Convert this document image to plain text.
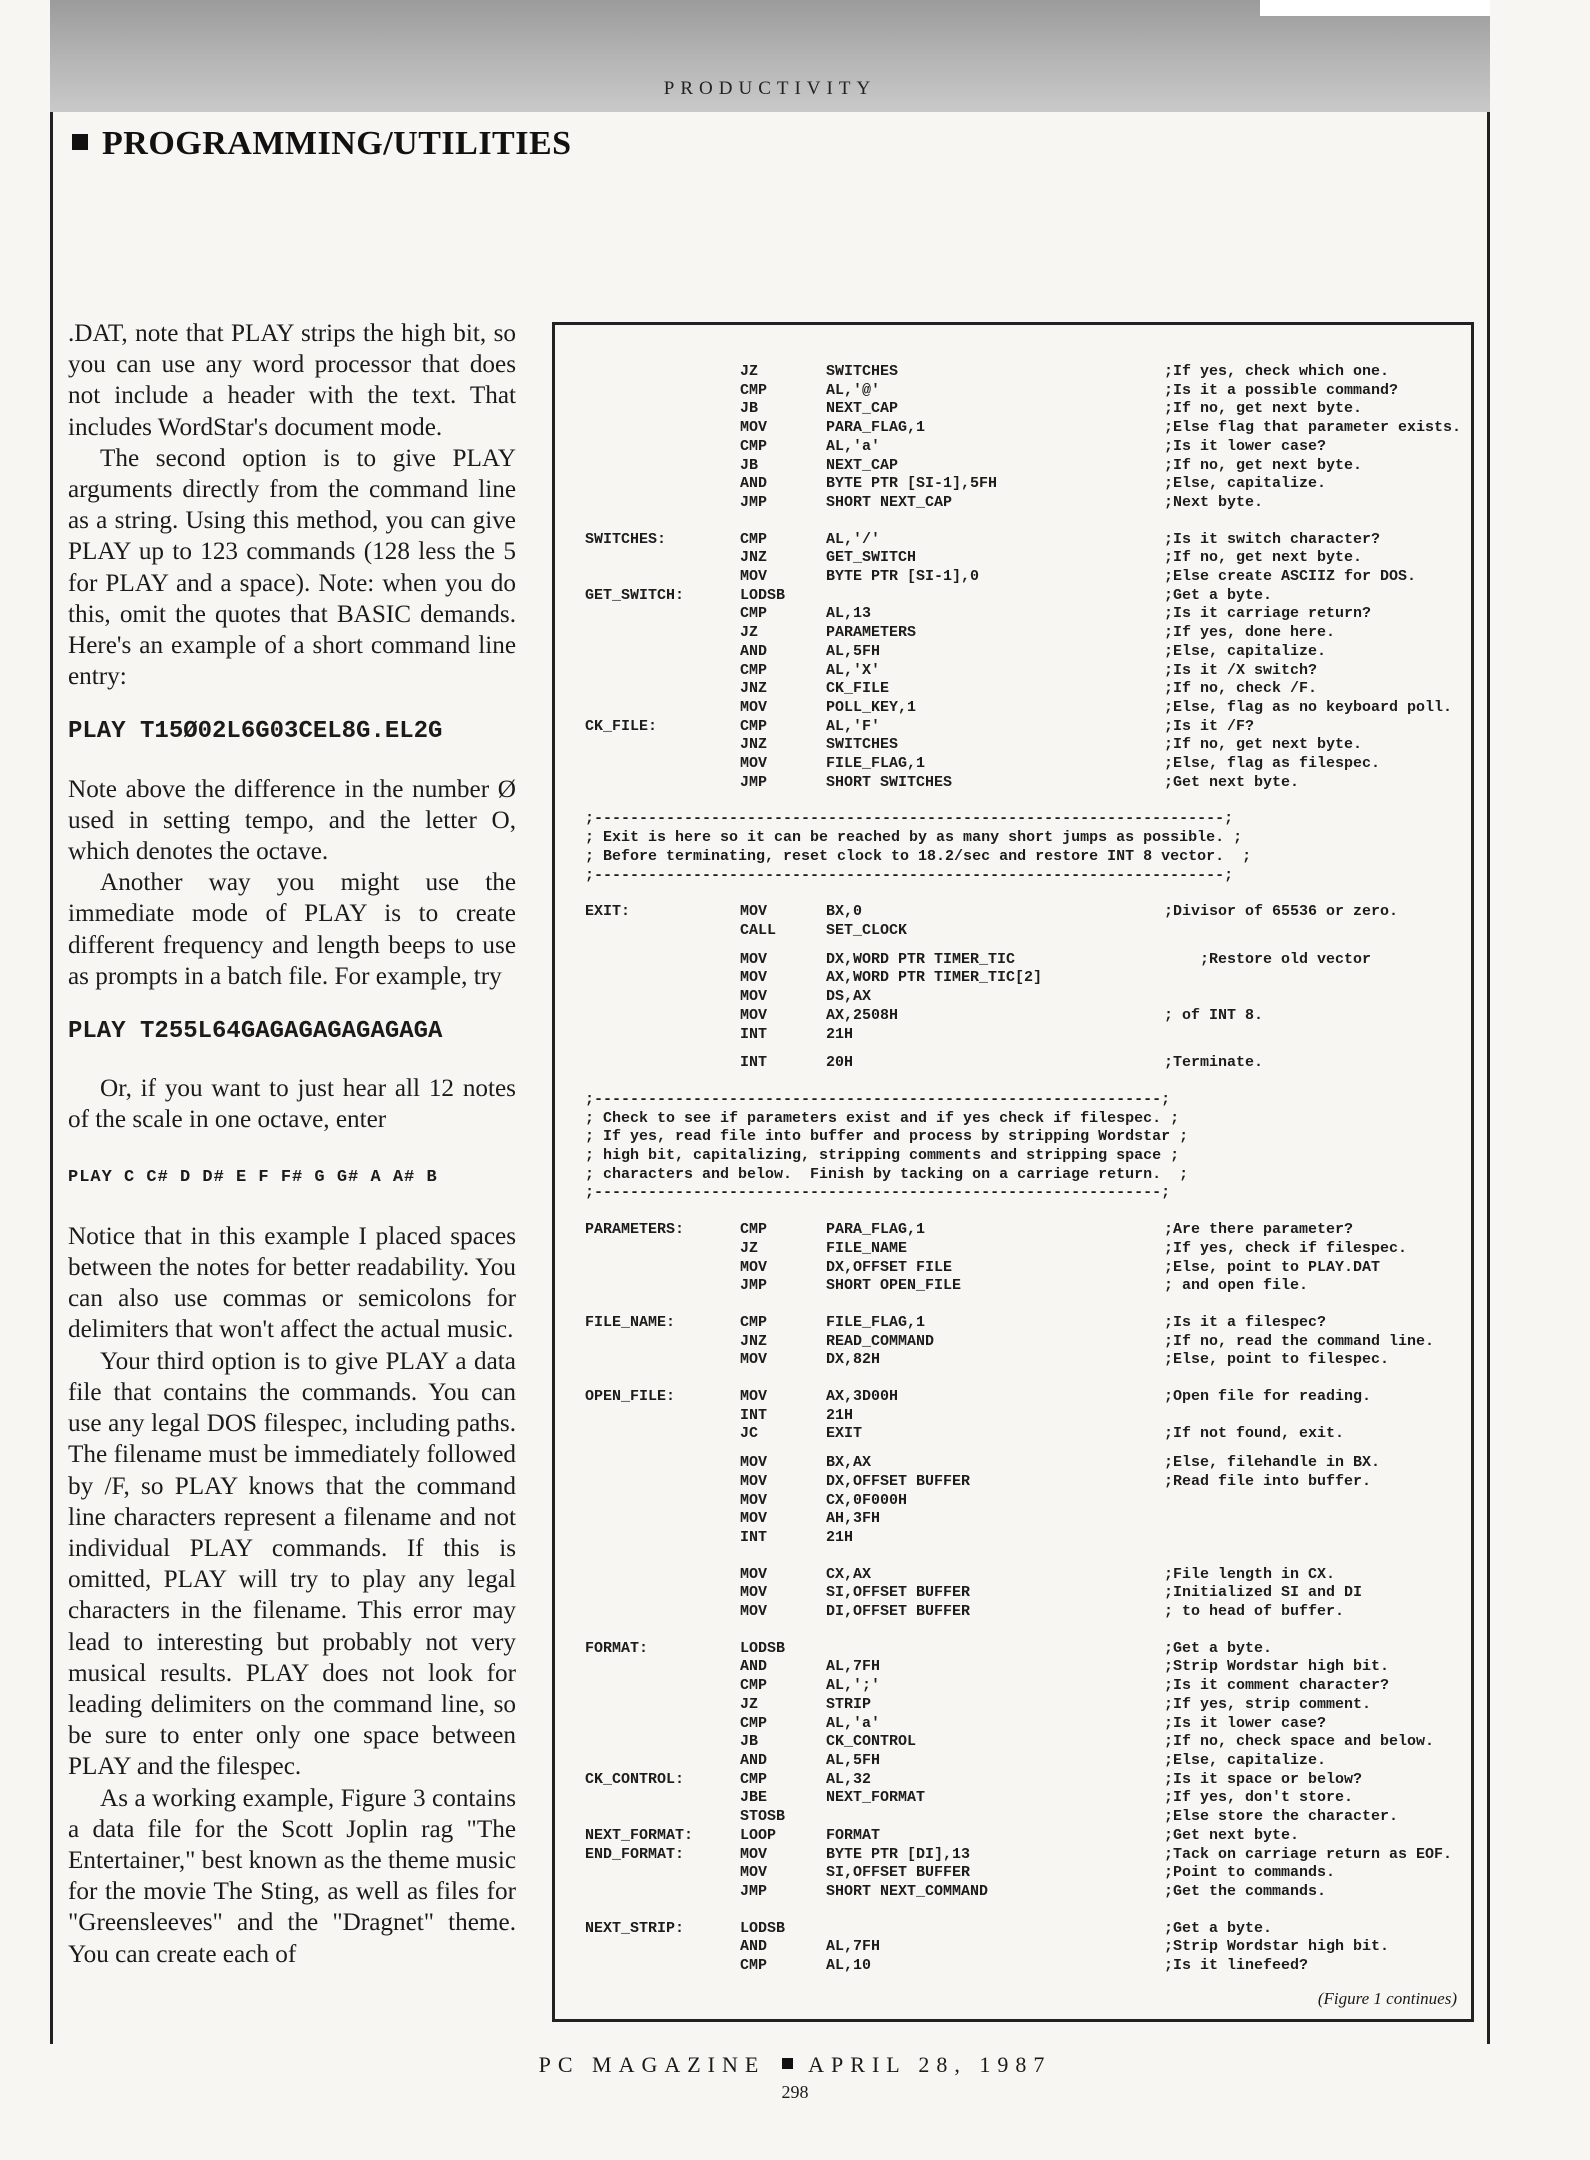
PRODUCTIVITY
PROGRAMMING/UTILITIES

.DAT, note that PLAY strips the high bit, so you can use any word processor that does not include a header with the text. That includes WordStar's document mode.

The second option is to give PLAY arguments directly from the command line as a string. Using this method, you can give PLAY up to 123 commands (128 less the 5 for PLAY and a space). Note: when you do this, omit the quotes that BASIC demands. Here's an example of a short command line entry:

PLAY T15Ø02L6G03CEL8G.EL2G

Note above the difference in the number Ø used in setting tempo, and the letter O, which denotes the octave.

Another way you might use the immediate mode of PLAY is to create different frequency and length beeps to use as prompts in a batch file. For example, try

PLAY T255L64GAGAGAGAGAGAGA

Or, if you want to just hear all 12 notes of the scale in one octave, enter

PLAY C C# D D# E F F# G G# A A# B

Notice that in this example I placed spaces between the notes for better readability. You can also use commas or semicolons for delimiters that won't affect the actual music.

Your third option is to give PLAY a data file that contains the commands. You can use any legal DOS filespec, including paths. The filename must be immediately followed by /F, so PLAY knows that the command line characters represent a filename and not individual PLAY commands. If this is omitted, PLAY will try to play any legal characters in the filename. This error may lead to interesting but probably not very musical results. PLAY does not look for leading delimiters on the command line, so be sure to enter only one space between PLAY and the filespec.

As a working example, Figure 3 contains a data file for the Scott Joplin rag "The Entertainer," best known as the theme music for the movie The Sting, as well as files for "Greensleeves" and the "Dragnet" theme. You can create each of

JZ	SWITCHES	;If yes, check which one.
CMP	AL,'@'	;Is it a possible command?
JB	NEXT_CAP	;If no, get next byte.
MOV	PARA_FLAG,1	;Else flag that parameter exists.
CMP	AL,'a'	;Is it lower case?
JB	NEXT_CAP	;If no, get next byte.
AND	BYTE PTR [SI-1],5FH	;Else, capitalize.
JMP	SHORT NEXT_CAP	;Next byte.
SWITCHES:	CMP	AL,'/'	;Is it switch character?
JNZ	GET_SWITCH	;If no, get next byte.
MOV	BYTE PTR [SI-1],0	;Else create ASCIIZ for DOS.
GET_SWITCH:	LODSB	;Get a byte.
CMP	AL,13	;Is it carriage return?
JZ	PARAMETERS	;If yes, done here.
AND	AL,5FH	;Else, capitalize.
CMP	AL,'X'	;Is it /X switch?
JNZ	CK_FILE	;If no, check /F.
MOV	POLL_KEY,1	;Else, flag as no keyboard poll.
CK_FILE:	CMP	AL,'F'	;Is it /F?
JNZ	SWITCHES	;If no, get next byte.
MOV	FILE_FLAG,1	;Else, flag as filespec.
JMP	SHORT SWITCHES	;Get next byte.
;----------------------------------------------------------------------;
; Exit is here so it can be reached by as many short jumps as possible. ;
; Before terminating, reset clock to 18.2/sec and restore INT 8 vector.  ;
;----------------------------------------------------------------------;
EXIT:	MOV	BX,0	;Divisor of 65536 or zero.
CALL	SET_CLOCK
MOV	DX,WORD PTR TIMER_TIC	;Restore old vector
MOV	AX,WORD PTR TIMER_TIC[2]
MOV	DS,AX
MOV	AX,2508H	; of INT 8.
INT	21H
INT	20H	;Terminate.
;---------------------------------------------------------------;
; Check to see if parameters exist and if yes check if filespec. ;
; If yes, read file into buffer and process by stripping Wordstar ;
; high bit, capitalizing, stripping comments and stripping space ;
; characters and below.  Finish by tacking on a carriage return.  ;
;---------------------------------------------------------------;
PARAMETERS:	CMP	PARA_FLAG,1	;Are there parameter?
JZ	FILE_NAME	;If yes, check if filespec.
MOV	DX,OFFSET FILE	;Else, point to PLAY.DAT
JMP	SHORT OPEN_FILE	; and open file.
FILE_NAME:	CMP	FILE_FLAG,1	;Is it a filespec?
JNZ	READ_COMMAND	;If no, read the command line.
MOV	DX,82H	;Else, point to filespec.
OPEN_FILE:	MOV	AX,3D00H	;Open file for reading.
INT	21H
JC	EXIT	;If not found, exit.
MOV	BX,AX	;Else, filehandle in BX.
MOV	DX,OFFSET BUFFER	;Read file into buffer.
MOV	CX,0F000H
MOV	AH,3FH
INT	21H
MOV	CX,AX	;File length in CX.
MOV	SI,OFFSET BUFFER	;Initialized SI and DI
MOV	DI,OFFSET BUFFER	; to head of buffer.
FORMAT:	LODSB	;Get a byte.
AND	AL,7FH	;Strip Wordstar high bit.
CMP	AL,';'	;Is it comment character?
JZ	STRIP	;If yes, strip comment.
CMP	AL,'a'	;Is it lower case?
JB	CK_CONTROL	;If no, check space and below.
AND	AL,5FH	;Else, capitalize.
CK_CONTROL:	CMP	AL,32	;Is it space or below?
JBE	NEXT_FORMAT	;If yes, don't store.
STOSB	;Else store the character.
NEXT_FORMAT:	LOOP	FORMAT	;Get next byte.
END_FORMAT:	MOV	BYTE PTR [DI],13	;Tack on carriage return as EOF.
MOV	SI,OFFSET BUFFER	;Point to commands.
JMP	SHORT NEXT_COMMAND	;Get the commands.
NEXT_STRIP:	LODSB	;Get a byte.
AND	AL,7FH	;Strip Wordstar high bit.
CMP	AL,10	;Is it linefeed?
(Figure 1 continues)
PC MAGAZINE APRIL 28, 1987
298
